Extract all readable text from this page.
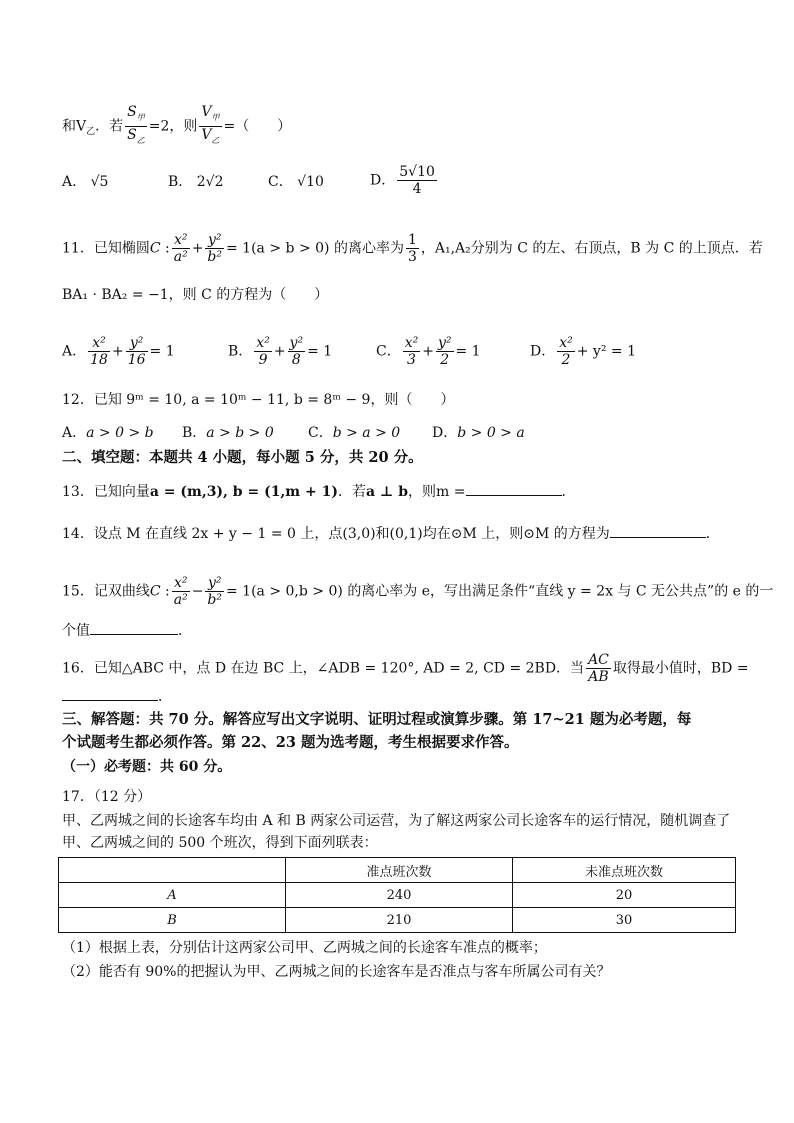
和$V_乙$．若 $\frac{S_甲}{S_乙} =2$，则 $\frac{V_甲}{V_乙}$ =（　　）
A． √5	B． 2√2	C． √10	D． $\frac{5√10}{4}$
11．已知椭圆C : $\frac{\text{x²}}{\text{a²}} + \frac{\text{y²}}{\text{b²}} = 1(a > b > 0)$ 的离心率为 $\frac{1}{3}$ ，A₁,A₂分别为 C 的左、右顶点，B 为 C 的上顶点．若
BA₁ · BA₂ = −1，则 C 的方程为（　　）
A． $\frac{\text{x²}}{18} + \frac{\text{y²}}{16} = 1$	B． $\frac{\text{x²}}{9} + \frac{\text{y²}}{8} = 1$	C． $\frac{\text{x²}}{3} + \frac{\text{y²}}{2} = 1$	D． $\frac{\text{x²}}{2} + y^2 = 1$
12．已知 9ᵐ = 10, a = 10ᵐ − 11, b = 8ᵐ − 9，则（　　）
A．a > 0 > b B．a > b > 0 C．b > a > 0 D．b > 0 > a
二、填空题：本题共 4 小题，每小题 5 分，共 20 分。
13．已知向量a = (m,3), b = (1,m + 1)．若a ⊥ b，则m =	．
14．设点 M 在直线 2x + y − 1 = 0 上，点(3,0)和(0,1)均在⊙M 上，则⊙M 的方程为	．
15．记双曲线C : $\frac{\text{x²}}{\text{a²}} - \frac{\text{y²}}{\text{b²}} = 1(a > 0,b > 0)$ 的离心率为 e，写出满足条件“直线 y = 2x 与 C 无公共点”的 e 的一
个值	．
16．已知△ABC 中，点 D 在边 BC 上，∠ADB = 120°, AD = 2, CD = 2BD．当 $\frac{AC}{AB}$ 取得最小值时，BD =
．
三、解答题：共 70 分。解答应写出文字说明、证明过程或演算步骤。第 17~21 题为必考题，每
个试题考生都必须作答。第 22、23 题为选考题，考生根据要求作答。
（一）必考题：共 60 分。
17．（12 分）
甲、乙两城之间的长途客车均由 A 和 B 两家公司运营，为了解这两家公司长途客车的运行情况，随机调查了
甲、乙两城之间的 500 个班次，得到下面列联表：
	准点班次数	未准点班次数
A	240	20
B	210	30
（1）根据上表，分别估计这两家公司甲、乙两城之间的长途客车准点的概率；
（2）能否有 90%的把握认为甲、乙两城之间的长途客车是否准点与客车所属公司有关？
